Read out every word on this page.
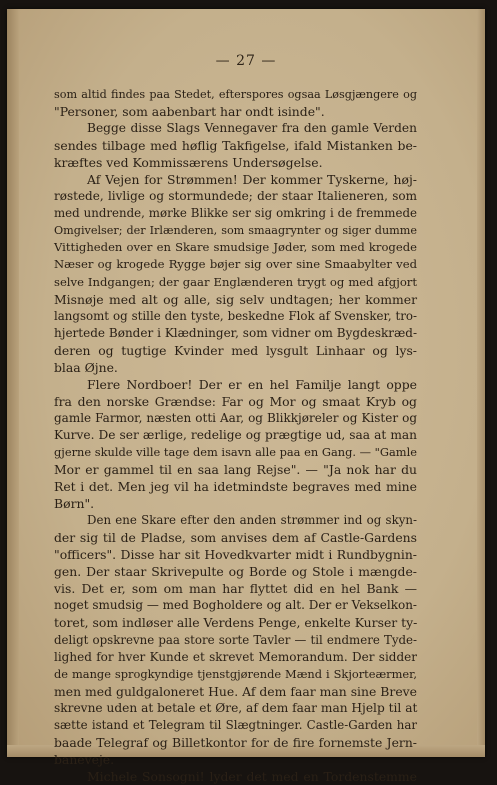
— 27 —
som altid findes paa Stedet, efterspores ogsaa Løsgjængere og
"Personer, som aabenbart har ondt isinde".
Begge disse Slags Vennegaver fra den gamle Verden
sendes tilbage med høflig Takfigelse, ifald Mistanken be-
kræftes ved Kommissærens Undersøgelse.
Af Vejen for Strømmen! Der kommer Tyskerne, høj-
røstede, livlige og stormundede; der staar Italieneren, som
med undrende, mørke Blikke ser sig omkring i de fremmede
Omgivelser; der Irlænderen, som smaagrynter og siger dumme
Vittigheden over en Skare smudsige Jøder, som med krogede
Næser og krogede Rygge bøjer sig over sine Smaabylter ved
selve Indgangen; der gaar Englænderen trygt og med afgjort
Misnøje med alt og alle, sig selv undtagen; her kommer
langsomt og stille den tyste, beskedne Flok af Svensker, tro-
hjertede Bønder i Klædninger, som vidner om Bygdeskræd-
deren og tugtige Kvinder med lysgult Linhaar og lys-
blaa Øjne.
Flere Nordboer! Der er en hel Familje langt oppe
fra den norske Grændse: Far og Mor og smaat Kryb og
gamle Farmor, næsten otti Aar, og Blikkjøreler og Kister og
Kurve. De ser ærlige, redelige og prægtige ud, saa at man
gjerne skulde ville tage dem isavn alle paa en Gang. — "Gamle
Mor er gammel til en saa lang Rejse". — "Ja nok har du
Ret i det. Men jeg vil ha idetmindste begraves med mine
Børn".
Den ene Skare efter den anden strømmer ind og skyn-
der sig til de Pladse, som anvises dem af Castle-Gardens
"officers". Disse har sit Hovedkvarter midt i Rundbygnin-
gen. Der staar Skrivepulte og Borde og Stole i mængde-
vis. Det er, som om man har flyttet did en hel Bank —
noget smudsig — med Bogholdere og alt. Der er Vekselkon-
toret, som indløser alle Verdens Penge, enkelte Kurser ty-
deligt opskrevne paa store sorte Tavler — til endmere Tyde-
lighed for hver Kunde et skrevet Memorandum. Der sidder
de mange sprogkyndige tjenstgjørende Mænd i Skjorteærmer,
men med guldgaloneret Hue. Af dem faar man sine Breve
skrevne uden at betale et Øre, af dem faar man Hjelp til at
sætte istand et Telegram til Slægtninger. Castle-Garden har
baade Telegraf og Billetkontor for de fire fornemste Jern-
baneveje.
Michele Sonsogni! lyder det med en Tordenstemme
